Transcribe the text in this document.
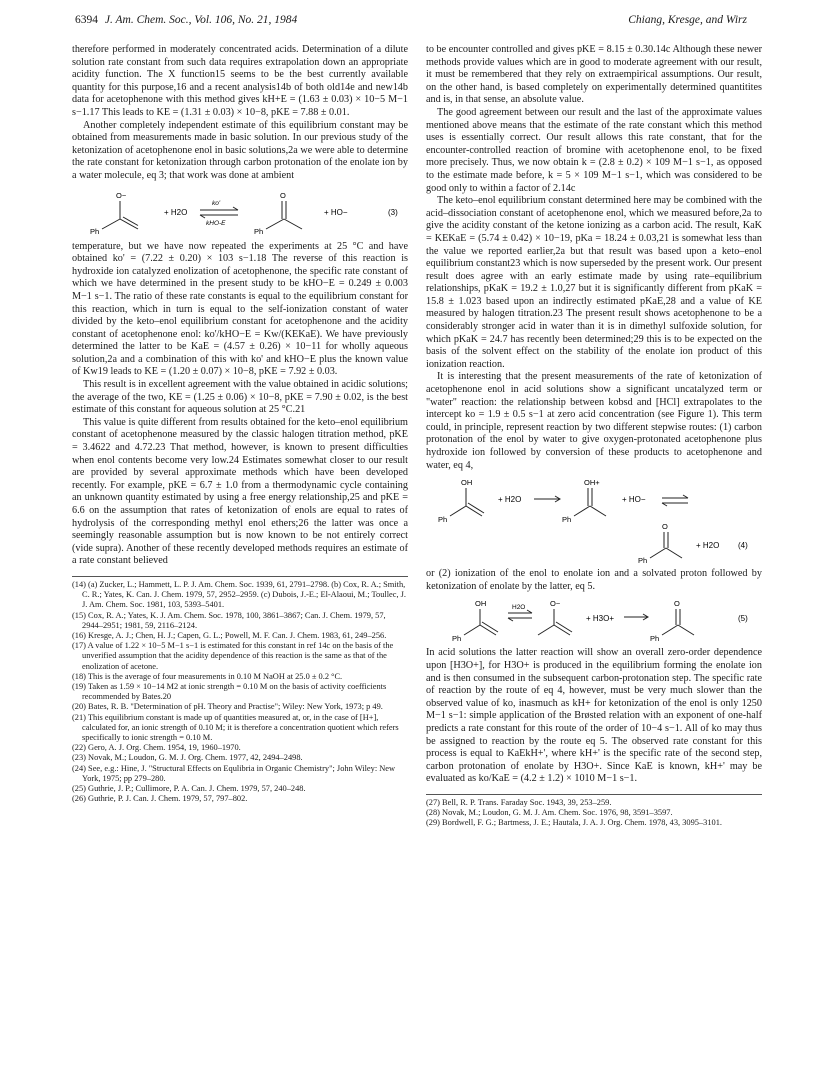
6394 J. Am. Chem. Soc., Vol. 106, No. 21, 1984	Chiang, Kresge, and Wirz

therefore performed in moderately concentrated acids. Determination of a dilute solution rate constant from such data requires extrapolation down an appropriate acidity function. The X function15 seems to be the best currently available quantity for this purpose,16 and a recent analysis14b of both old14e and new14b data for acetophenone with this method gives kH+E = (1.63 ± 0.03) × 10−5 M−1 s−1.17 This leads to KE = (1.31 ± 0.03) × 10−8, pKE = 7.88 ± 0.01.

Another completely independent estimate of this equilibrium constant may be obtained from measurements made in basic solution. In our previous study of the ketonization of acetophenone enol in basic solutions,2a we were able to determine the rate constant for ketonization through carbon protonation of the enolate ion by a water molecule, eq 3; that work was done at ambient

Ph
O−
+ H2O
ko'
kHO-E
Ph
O
+ HO−	(3)

temperature, but we have now repeated the experiments at 25 °C and have obtained ko' = (7.22 ± 0.20) × 103 s−1.18 The reverse of this reaction is hydroxide ion catalyzed enolization of acetophenone, the specific rate constant of which we have determined in the present study to be kHO−E = 0.249 ± 0.003 M−1 s−1. The ratio of these rate constants is equal to the equilibrium constant for this reaction, which in turn is equal to the self-ionization constant of water divided by the keto–enol equilibrium constant for acetophenone and the acidity constant of acetophenone enol: ko'/kHO−E = Kw/(KEKaE). We have previously determined the latter to be KaE = (4.57 ± 0.26) × 10−11 for wholly aqueous solution,2a and a combination of this with ko' and kHO−E plus the known value of Kw19 leads to KE = (1.20 ± 0.07) × 10−8, pKE = 7.92 ± 0.03.

This result is in excellent agreement with the value obtained in acidic solutions; the average of the two, KE = (1.25 ± 0.06) × 10−8, pKE = 7.90 ± 0.02, is the best estimate of this constant for aqueous solution at 25 °C.21

This value is quite different from results obtained for the keto–enol equilibrium constant of acetophenone measured by the classic halogen titration method, pKE = 3.4622 and 4.72.23 That method, however, is known to present difficulties when enol contents become very low.24 Estimates somewhat closer to our result are provided by several approximate methods which have been developed recently. For example, pKE = 6.7 ± 1.0 from a thermodynamic cycle containing an unknown quantity estimated by using a free energy relationship,25 and pKE = 6.6 on the assumption that rates of ketonization of enols are equal to rates of hydrolysis of the corresponding methyl enol ethers;26 the latter was once a seemingly reasonable assumption but is now known to be not entirely correct (vide supra). Another of these recently developed methods requires an estimate of a rate constant believed

(14) (a) Zucker, L.; Hammett, L. P. J. Am. Chem. Soc. 1939, 61, 2791–2798. (b) Cox, R. A.; Smith, C. R.; Yates, K. Can. J. Chem. 1979, 57, 2952–2959. (c) Dubois, J.-E.; El-Alaoui, M.; Toullec, J. J. Am. Chem. Soc. 1981, 103, 5393–5401.
(15) Cox, R. A.; Yates, K. J. Am. Chem. Soc. 1978, 100, 3861–3867; Can. J. Chem. 1979, 57, 2944–2951; 1981, 59, 2116–2124.
(16) Kresge, A. J.; Chen, H. J.; Capen, G. L.; Powell, M. F. Can. J. Chem. 1983, 61, 249–256.
(17) A value of 1.22 × 10−5 M−1 s−1 is estimated for this constant in ref 14c on the basis of the unverified assumption that the acidity dependence of this reaction is the same as that of the enolization of acetone.
(18) This is the average of four measurements in 0.10 M NaOH at 25.0 ± 0.2 °C.
(19) Taken as 1.59 × 10−14 M2 at ionic strength = 0.10 M on the basis of activity coefficients recommended by Bates.20
(20) Bates, R. B. "Determination of pH. Theory and Practise"; Wiley: New York, 1973; p 49.
(21) This equilibrium constant is made up of quantities measured at, or, in the case of [H+], calculated for, an ionic strength of 0.10 M; it is therefore a concentration quotient which refers specifically to ionic strength = 0.10 M.
(22) Gero, A. J. Org. Chem. 1954, 19, 1960–1970.
(23) Novak, M.; Loudon, G. M. J. Org. Chem. 1977, 42, 2494–2498.
(24) See, e.g.: Hine, J. "Structural Effects on Equlibria in Organic Chemistry"; John Wiley: New York, 1975; pp 279–280.
(25) Guthrie, J. P.; Cullimore, P. A. Can. J. Chem. 1979, 57, 240–248.
(26) Guthrie, P. J. Can. J. Chem. 1979, 57, 797–802.

to be encounter controlled and gives pKE = 8.15 ± 0.30.14c Although these newer methods provide values which are in good to moderate agreement with our result, it must be remembered that they rely on extraempirical assumptions. Our result, on the other hand, is based completely on experimentally determined quantitites and is, in that sense, an absolute value.

The good agreement between our result and the last of the approximate values mentioned above means that the estimate of the rate constant which this method uses is essentially correct. Our result allows this rate constant, that for the encounter-controlled reaction of bromine with acetophenone enol, to be fixed more precisely. Thus, we now obtain k = (2.8 ± 0.2) × 109 M−1 s−1, as opposed to the estimate made before, k = 5 × 109 M−1 s−1, which was considered to be good only to within a factor of 2.14c

The keto–enol equilibrium constant determined here may be combined with the acid–dissociation constant of acetophenone enol, which we measured before,2a to give the acidity constant of the ketone ionizing as a carbon acid. The result, KaK = KEKaE = (5.74 ± 0.42) × 10−19, pKa = 18.24 ± 0.03,21 is somewhat less than the value we reported earlier,2a but that result was based upon a keto–enol equilibrium constant23 which is now superseded by the present work. Our present result does agree with an early estimate made by using rate–equilibrium relationships, pKaK = 19.2 ± 1.0,27 but it is significantly different from pKaK = 15.8 ± 1.023 based upon an indirectly estimated pKaE,28 and a value of KE measured by halogen titration.23 The present result shows acetophenone to be a considerably stronger acid in water than it is in dimethyl sulfoxide solution, for which pKaK = 24.7 has recently been determined;29 this is to be expected on the basis of the solvent effect on the stability of the enolate ion product of this ionization reaction.

It is interesting that the present measurements of the rate of ketonization of acetophenone enol in acid solutions show a significant uncatalyzed term or "water" reaction: the relationship between kobsd and [HCl] extrapolates to the intercept ko = 1.9 ± 0.5 s−1 at zero acid concentration (see Figure 1). This term could, in principle, represent reaction by two different stepwise routes: (1) carbon protonation of the enol by water to give oxygen-protonated acetophenone plus hydroxide ion followed by conversion of these products to acetophenone and water, eq 4,

Ph
OH
+ H2O
Ph
OH+
+ HO−
Ph
O
+ H2O (4)

or (2) ionization of the enol to enolate ion and a solvated proton followed by ketonization of enolate by the latter, eq 5.

Ph
OH	H2O	O−
+ H3O+
Ph
O
(5)

In acid solutions the latter reaction will show an overall zero-order dependence upon [H3O+], for H3O+ is produced in the equilibrium forming the enolate ion and is then consumed in the subsequent carbon-protonation step. The specific rate of reaction by the route of eq 4, however, must be very much slower than the observed value of ko, inasmuch as kH+ for ketonization of the enol is only 1250 M−1 s−1: simple application of the Brøsted relation with an exponent of one-half predicts a rate constant for this route of the order of 10−4 s−1. All of ko may thus be assigned to reaction by the route eq 5. The observed rate constant for this process is equal to KaEkH+', where kH+' is the specific rate of the second step, carbon protonation of enolate by H3O+. Since KaE is known, kH+' may be evaluated as ko/KaE = (4.2 ± 1.2) × 1010 M−1 s−1.

(27) Bell, R. P. Trans. Faraday Soc. 1943, 39, 253–259.
(28) Novak, M.; Loudon, G. M. J. Am. Chem. Soc. 1976, 98, 3591–3597.
(29) Bordwell, F. G.; Bartmess, J. E.; Hautala, J. A. J. Org. Chem. 1978, 43, 3095–3101.
